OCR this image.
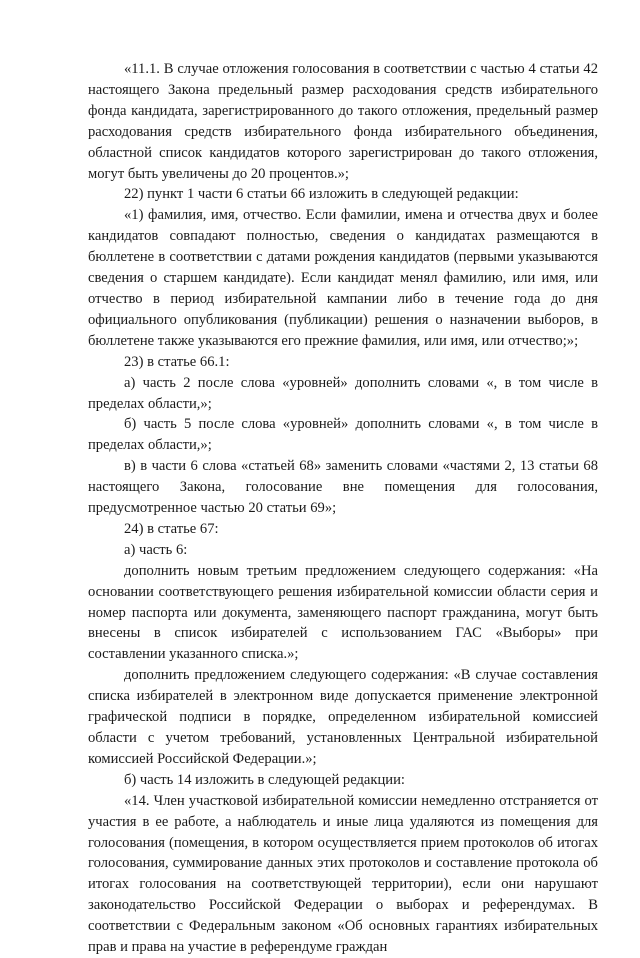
«11.1. В случае отложения голосования в соответствии с частью 4 статьи 42 настоящего Закона предельный размер расходования средств избирательного фонда кандидата, зарегистрированного до такого отложения, предельный размер расходования средств избирательного фонда избирательного объединения, областной список кандидатов которого зарегистрирован до такого отложения, могут быть увеличены до 20 процентов.»;

22) пункт 1 части 6 статьи 66 изложить в следующей редакции:

«1) фамилия, имя, отчество. Если фамилии, имена и отчества двух и более кандидатов совпадают полностью, сведения о кандидатах размещаются в бюллетене в соответствии с датами рождения кандидатов (первыми указываются сведения о старшем кандидате). Если кандидат менял фамилию, или имя, или отчество в период избирательной кампании либо в течение года до дня официального опубликования (публикации) решения о назначении выборов, в бюллетене также указываются его прежние фамилия, или имя, или отчество;»;

23) в статье 66.1:

а) часть 2 после слова «уровней» дополнить словами «, в том числе в пределах области,»;

б) часть 5 после слова «уровней» дополнить словами «, в том числе в пределах области,»;

в) в части 6 слова «статьей 68» заменить словами «частями 2, 13 статьи 68 настоящего Закона, голосование вне помещения для голосования, предусмотренное частью 20 статьи 69»;

24) в статье 67:

а) часть 6:

дополнить новым третьим предложением следующего содержания: «На основании соответствующего решения избирательной комиссии области серия и номер паспорта или документа, заменяющего паспорт гражданина, могут быть внесены в список избирателей с использованием ГАС «Выборы» при составлении указанного списка.»;

дополнить предложением следующего содержания: «В случае составления списка избирателей в электронном виде допускается применение электронной графической подписи в порядке, определенном избирательной комиссией области с учетом требований, установленных Центральной избирательной комиссией Российской Федерации.»;

б) часть 14 изложить в следующей редакции:

«14. Член участковой избирательной комиссии немедленно отстраняется от участия в ее работе, а наблюдатель и иные лица удаляются из помещения для голосования (помещения, в котором осуществляется прием протоколов об итогах голосования, суммирование данных этих протоколов и составление протокола об итогах голосования на соответствующей территории), если они нарушают законодательство Российской Федерации о выборах и референдумах. В соответствии с Федеральным законом «Об основных гарантиях избирательных прав и права на участие в референдуме граждан
